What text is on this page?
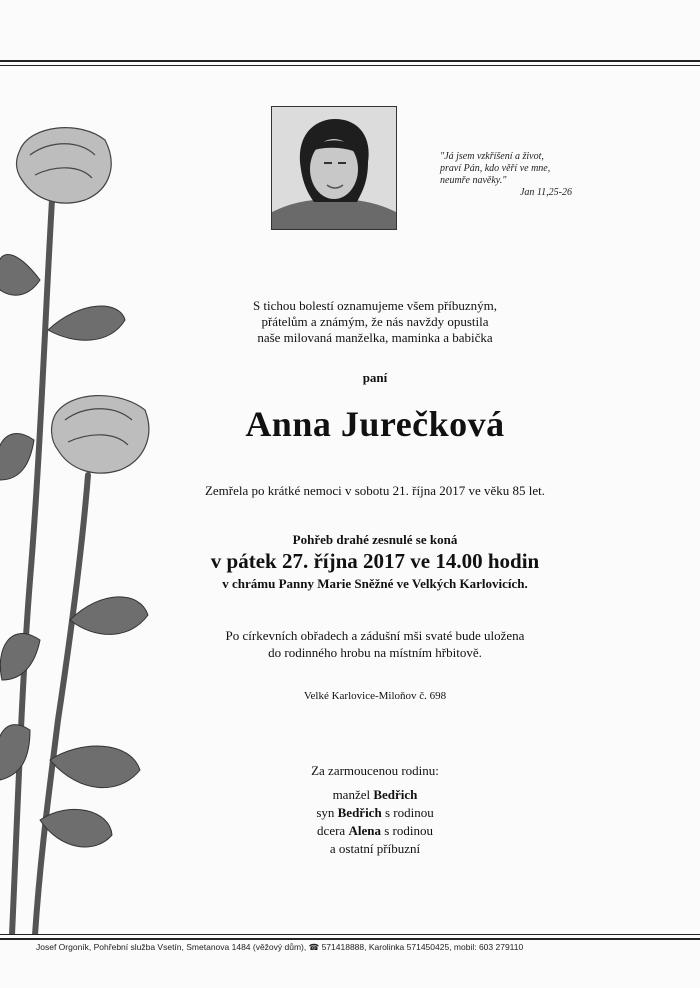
"Já jsem vzkříšení a život,
praví Pán, kdo věří ve mne,
neumře navěky."

Jan 11,25-26
S tichou bolestí oznamujeme všem příbuzným,
přátelům a známým, že nás navždy opustila
naše milovaná manželka, maminka a babička
paní
Anna Jurečková
Zemřela po krátké nemoci v sobotu 21. října 2017 ve věku 85 let.
Pohřeb drahé zesnulé se koná
v pátek 27. října 2017 ve 14.00 hodin
v chrámu Panny Marie Sněžné ve Velkých Karlovicích.
Po církevních obřadech a zádušní mši svaté bude uložena
do rodinného hrobu na místním hřbitově.
Velké Karlovice-Miloňov č. 698
Za zarmoucenou rodinu:
manžel Bedřich
syn Bedřich s rodinou
dcera Alena s rodinou
a ostatní příbuzní
Josef Orgoník, Pohřební služba Vsetín, Smetanova 1484 (věžový dům), ☎ 571418888, Karolinka 571450425, mobil: 603 279110
